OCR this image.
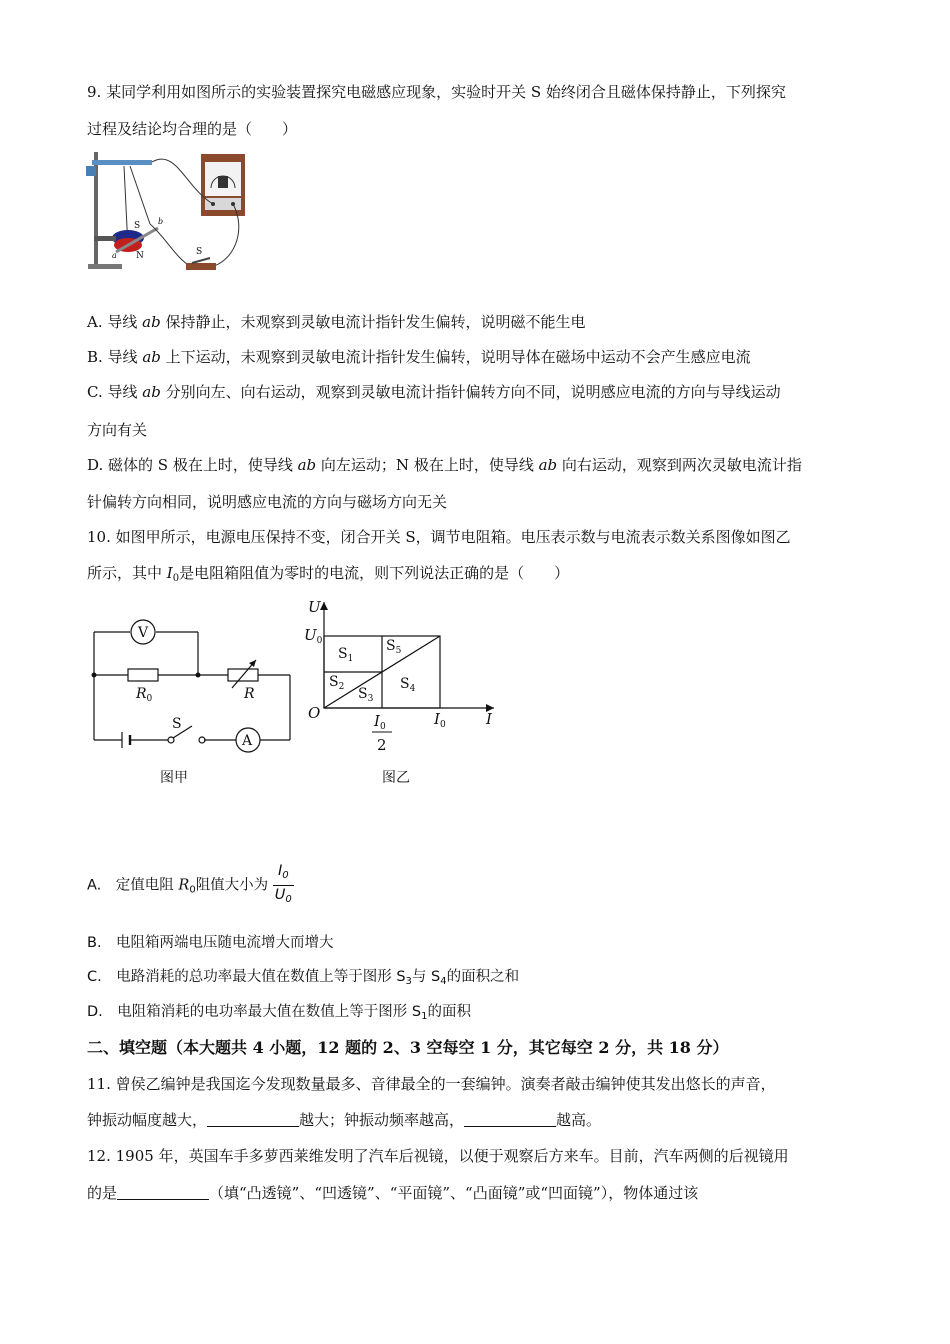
9. 某同学利用如图所示的实验装置探究电磁感应现象，实验时开关 S 始终闭合且磁体保持静止，下列探究
过程及结论均合理的是（　　）
S
N
a
b
S
A. 导线 ab 保持静止，未观察到灵敏电流计指针发生偏转，说明磁不能生电
B. 导线 ab 上下运动，未观察到灵敏电流计指针发生偏转，说明导体在磁场中运动不会产生感应电流
C. 导线 ab 分别向左、向右运动，观察到灵敏电流计指针偏转方向不同，说明感应电流的方向与导线运动
方向有关
D. 磁体的 S 极在上时，使导线 ab 向左运动；N 极在上时，使导线 ab 向右运动，观察到两次灵敏电流计指
针偏转方向相同，说明感应电流的方向与磁场方向无关
10. 如图甲所示，电源电压保持不变，闭合开关 S，调节电阻箱。电压表示数与电流表示数关系图像如图乙
所示，其中 $I_0$是电阻箱阻值为零时的电流，则下列说法正确的是（　　）
V
A
$R_0$	R
S
图甲
U
I
$U_0$
O	$I_0$
$I_0$
2
$S_1$
$S_2$ $S_3$
$S_4$
$S_5$
图乙
A.　定值电阻 $R_0$阻值大小为 $\frac{I_0}{U_0}$
B.　电阻箱两端电压随电流增大而增大
C.　电路消耗的总功率最大值在数值上等于图形 $S_3$与 $S_4$的面积之和
D.　电阻箱消耗的电功率最大值在数值上等于图形 $S_1$的面积
二、填空题（本大题共 4 小题，12 题的 2、3 空每空 1 分，其它每空 2 分，共 18 分）
11. 曾侯乙编钟是我国迄今发现数量最多、音律最全的一套编钟。演奏者敲击编钟使其发出悠长的声音，
钟振动幅度越大，	越大；钟振动频率越高，	越高。
12. 1905 年，英国车手多萝西莱维发明了汽车后视镜，以便于观察后方来车。目前，汽车两侧的后视镜用
的是	（填“凸透镜”、“凹透镜”、“平面镜”、“凸面镜”或“凹面镜”），物体通过该
